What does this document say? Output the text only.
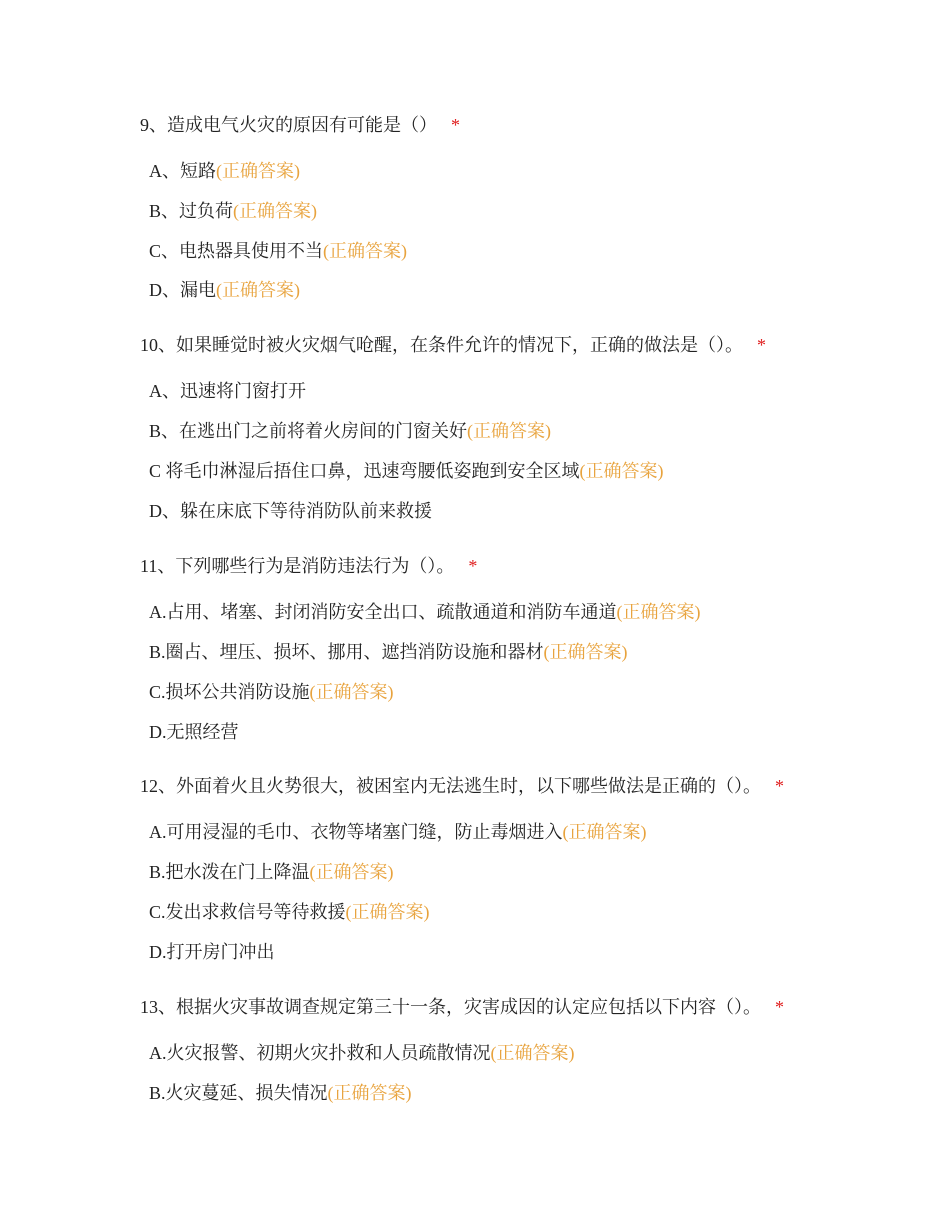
9、造成电气火灾的原因有可能是（） *
A、短路(正确答案)
B、过负荷(正确答案)
C、电热器具使用不当(正确答案)
D、漏电(正确答案)
10、如果睡觉时被火灾烟气呛醒，在条件允许的情况下，正确的做法是（）。 *
A、迅速将门窗打开
B、在逃出门之前将着火房间的门窗关好(正确答案)
C 将毛巾淋湿后捂住口鼻，迅速弯腰低姿跑到安全区域(正确答案)
D、躲在床底下等待消防队前来救援
11、下列哪些行为是消防违法行为（）。 *
A.占用、堵塞、封闭消防安全出口、疏散通道和消防车通道(正确答案)
B.圈占、埋压、损坏、挪用、遮挡消防设施和器材(正确答案)
C.损坏公共消防设施(正确答案)
D.无照经营
12、外面着火且火势很大，被困室内无法逃生时，以下哪些做法是正确的（）。 *
A.可用浸湿的毛巾、衣物等堵塞门缝，防止毒烟进入(正确答案)
B.把水泼在门上降温(正确答案)
C.发出求救信号等待救援(正确答案)
D.打开房门冲出
13、根据火灾事故调查规定第三十一条，灾害成因的认定应包括以下内容（）。 *
A.火灾报警、初期火灾扑救和人员疏散情况(正确答案)
B.火灾蔓延、损失情况(正确答案)
